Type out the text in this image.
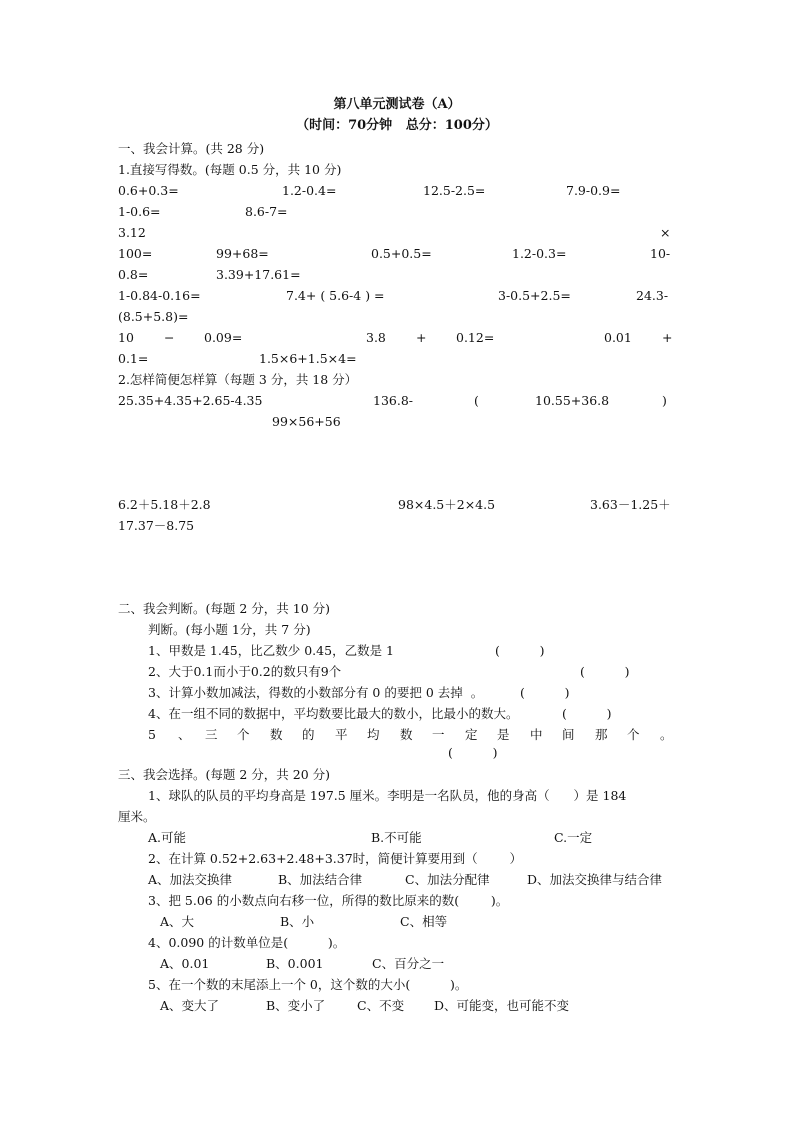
第八单元测试卷（A）
（时间：70分钟   总分：100分）
一、我会计算。(共 28 分)
1.直接写得数。(每题 0.5 分，共 10 分)
0.6+0.3=	1.2-0.4=	12.5-2.5=	7.9-0.9=
1-0.6=	8.6-7=
3.12	×
100=	99+68=	0.5+0.5=	1.2-0.3=	10-
0.8=	3.39+17.61=
1-0.84-0.16=	7.4+ ( 5.6-4 ) =	3-0.5+2.5=	24.3-
(8.5+5.8)=
10 − 0.09=	3.8 + 0.12=	0.01 +
0.1=	1.5×6+1.5×4=
2.怎样简便怎样算（每题 3 分，共 18 分）
25.35+4.35+2.65-4.35	136.8-	(	10.55+36.8	)
99×56+56
6.2＋5.18＋2.8	98×4.5＋2×4.5	3.63－1.25＋
17.37－8.75
二、我会判断。(每题 2 分，共 10 分)
判断。(每小题 1分，共 7 分)
1、甲数是 1.45，比乙数少 0.45，乙数是 1	(          )
2、大于0.1而小于0.2的数只有9个	(          )
3、计算小数加减法，得数的小数部分有 0 的要把 0 去掉  。	(          )
4、在一组不同的数据中，平均数要比最大的数小，比最小的数大。	(          )
5 、 三 个 数 的 平 均 数 一 定 是 中 间 那 个 。
(          )
三、我会选择。(每题 2 分，共 20 分)
1、球队的队员的平均身高是 197.5 厘米。李明是一名队员，他的身高（      ）是 184
厘米。
A.可能	B.不可能	C.一定
2、在计算 0.52+2.63+2.48+3.37时，简便计算要用到（        ）
A、加法交换律	B、加法结合律	C、加法分配律	D、加法交换律与结合律
3、把 5.06 的小数点向右移一位，所得的数比原来的数(        )。
A、大	B、小	C、相等
4、0.090 的计数单位是(          )。
A、0.01	B、0.001	C、百分之一
5、在一个数的末尾添上一个 0，这个数的大小(          )。
A、变大了	B、变小了	C、不变 D、可能变，也可能不变
